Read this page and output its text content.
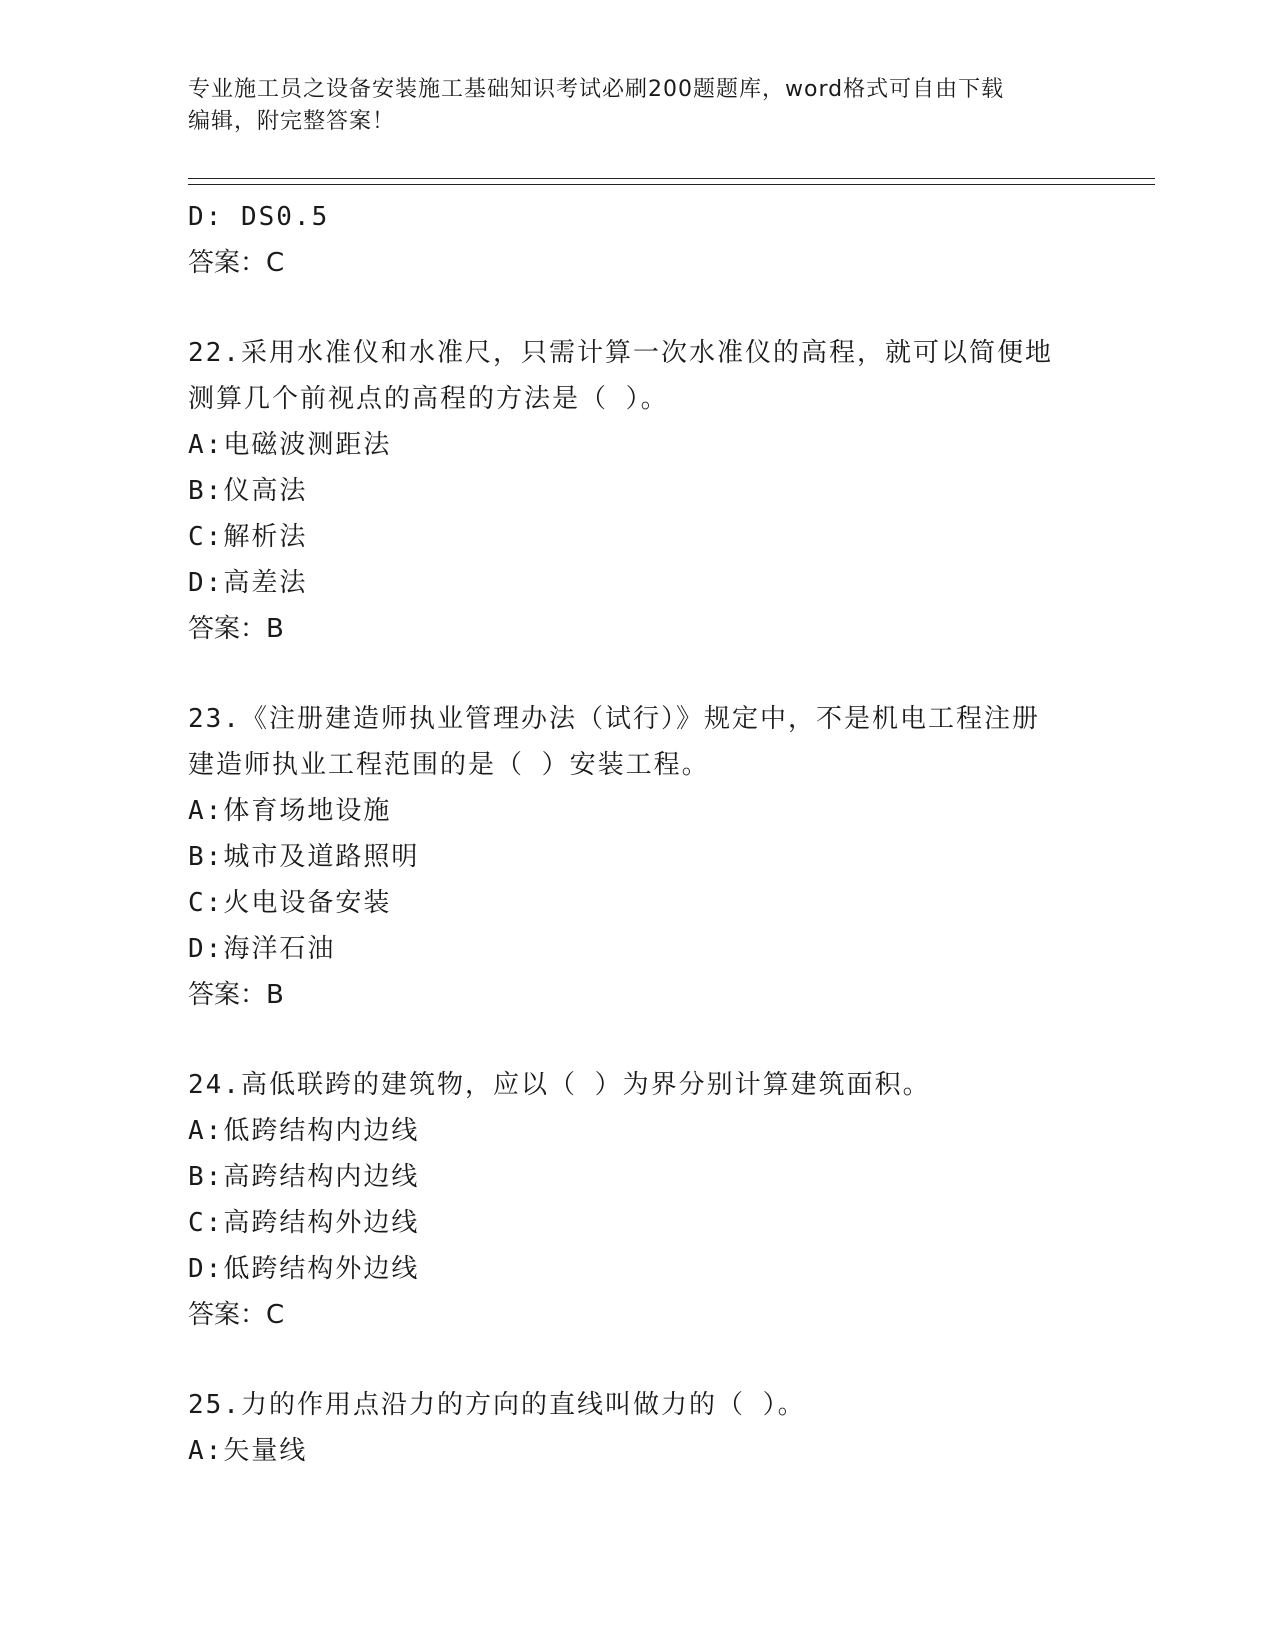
专业施工员之设备安装施工基础知识考试必刷200题题库，word格式可自由下载
编辑，附完整答案！
D: DS0.5
答案：C
22.采用水准仪和水准尺，只需计算一次水准仪的高程，就可以简便地
测算几个前视点的高程的方法是（ ）。
A:电磁波测距法
B:仪高法
C:解析法
D:高差法
答案：B
23.《注册建造师执业管理办法（试行）》规定中，不是机电工程注册
建造师执业工程范围的是（ ）安装工程。
A:体育场地设施
B:城市及道路照明
C:火电设备安装
D:海洋石油
答案：B
24.高低联跨的建筑物，应以（ ）为界分别计算建筑面积。
A:低跨结构内边线
B:高跨结构内边线
C:高跨结构外边线
D:低跨结构外边线
答案：C
25.力的作用点沿力的方向的直线叫做力的（ ）。
A:矢量线
